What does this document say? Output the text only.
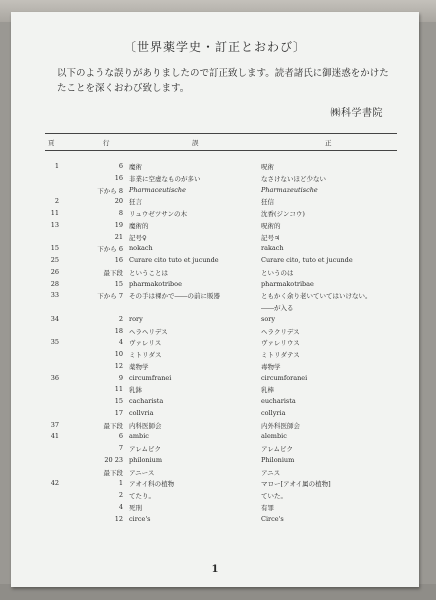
〔世界薬学史・訂正とおわび〕

以下のような誤りがありましたので訂正致します。読者諸氏に御迷惑をかけた

たことを深くおわび致します。

㈱科学書院
頁	行	誤	正
1	6 魔術	呪術
16 非業に空虚なものが多い	なさけないほど少ない
下から 8 Pharmaceutische	Pharmazeutische
2	20 狂言	狂信
11	8 リュウゼツサンの木	沈香(ジンコウ)
13	19 魔術的	呪術的
21 記号♀	記号♃
15	下から 6 nokach	rakach
25	16 Curare cito tuto et jucunde	Curare cito, tuto et jucunde
26	最下段 ということは	というのは
28	15 pharmakotriboe	pharmakotribae
33	下から 7 その手は裸かで――の前に販器	ともかく余り老いていてはいけない。
――が入る
34	2 rory	sory
18 ヘラヘリデス	ヘラクリデス
35	4 ヴァレリス	ヴァレリウス
10 ミトリダス	ミトリダテス
12 薬物学	毒物学
36	9 circumfranei	circumforanei
11 乳鉢	乳棒
15 cacharista	eucharista
17 collvria	collyria
37	最下段 内科医師会	内外科医師会
41	6 ambic	alembic
7 アレムビク	アレムビク
20 23 philonium	Philonium
最下段 アニース	アニス
42	1 アオイ科の植物	マロー[アオイ属の植物]
2 てたり。	ていた。
4 死刑	有罪
12 circe's	Circe's
1
